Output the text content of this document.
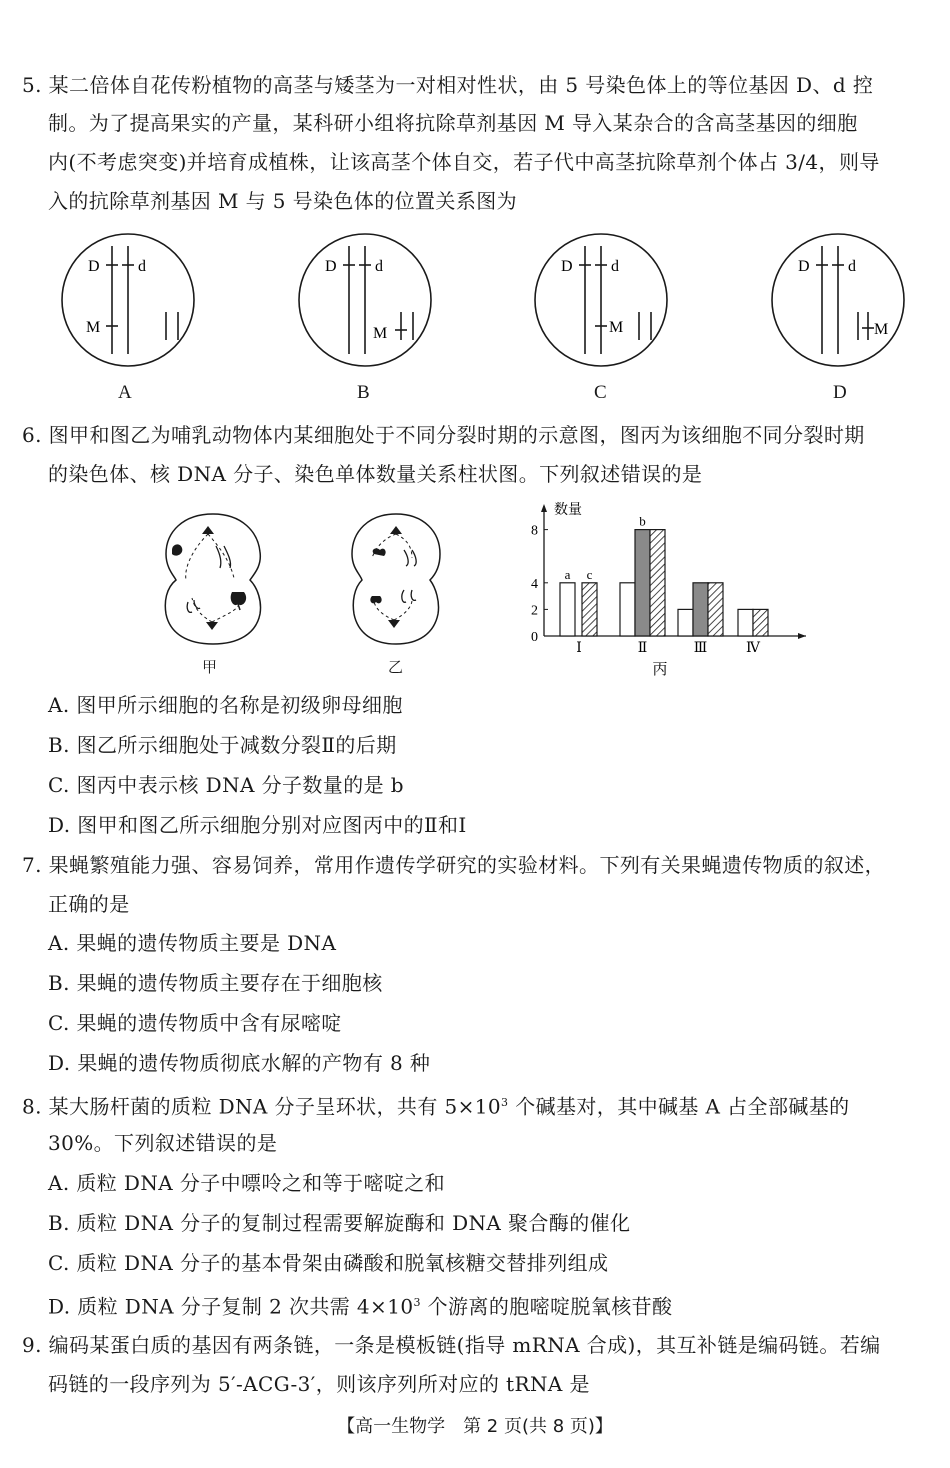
5. 某二倍体自花传粉植物的高茎与矮茎为一对相对性状，由 5 号染色体上的等位基因 D、d 控
制。为了提高果实的产量，某科研小组将抗除草剂基因 M 导入某杂合的含高茎基因的细胞
内(不考虑突变)并培育成植株，让该高茎个体自交，若子代中高茎抗除草剂个体占 3/4，则导
入的抗除草剂基因 M 与 5 号染色体的位置关系图为
D d
M
A
D d
M
B
D d
M
C
D d
M
D
6. 图甲和图乙为哺乳动物体内某细胞处于不同分裂时期的示意图，图丙为该细胞不同分裂时期
的染色体、核 DNA 分子、染色单体数量关系柱状图。下列叙述错误的是
甲	乙
数量
0
2
4
8
a c
Ⅰ
b
Ⅱ	Ⅲ	Ⅳ
丙
A. 图甲所示细胞的名称是初级卵母细胞
B. 图乙所示细胞处于减数分裂Ⅱ的后期
C. 图丙中表示核 DNA 分子数量的是 b
D. 图甲和图乙所示细胞分别对应图丙中的Ⅱ和Ⅰ
7. 果蝇繁殖能力强、容易饲养，常用作遗传学研究的实验材料。下列有关果蝇遗传物质的叙述，
正确的是
A. 果蝇的遗传物质主要是 DNA
B. 果蝇的遗传物质主要存在于细胞核
C. 果蝇的遗传物质中含有尿嘧啶
D. 果蝇的遗传物质彻底水解的产物有 8 种
8. 某大肠杆菌的质粒 DNA 分子呈环状，共有 $5\times 10^3$ 个碱基对，其中碱基 A 占全部碱基的
30%。下列叙述错误的是
A. 质粒 DNA 分子中嘌呤之和等于嘧啶之和
B. 质粒 DNA 分子的复制过程需要解旋酶和 DNA 聚合酶的催化
C. 质粒 DNA 分子的基本骨架由磷酸和脱氧核糖交替排列组成
D. 质粒 DNA 分子复制 2 次共需 $4\times 10^3$ 个游离的胞嘧啶脱氧核苷酸
9. 编码某蛋白质的基因有两条链，一条是模板链(指导 mRNA 合成)，其互补链是编码链。若编
码链的一段序列为 5′-ACG-3′，则该序列所对应的 tRNA 是
【高一生物学　第 2 页(共 8 页)】
